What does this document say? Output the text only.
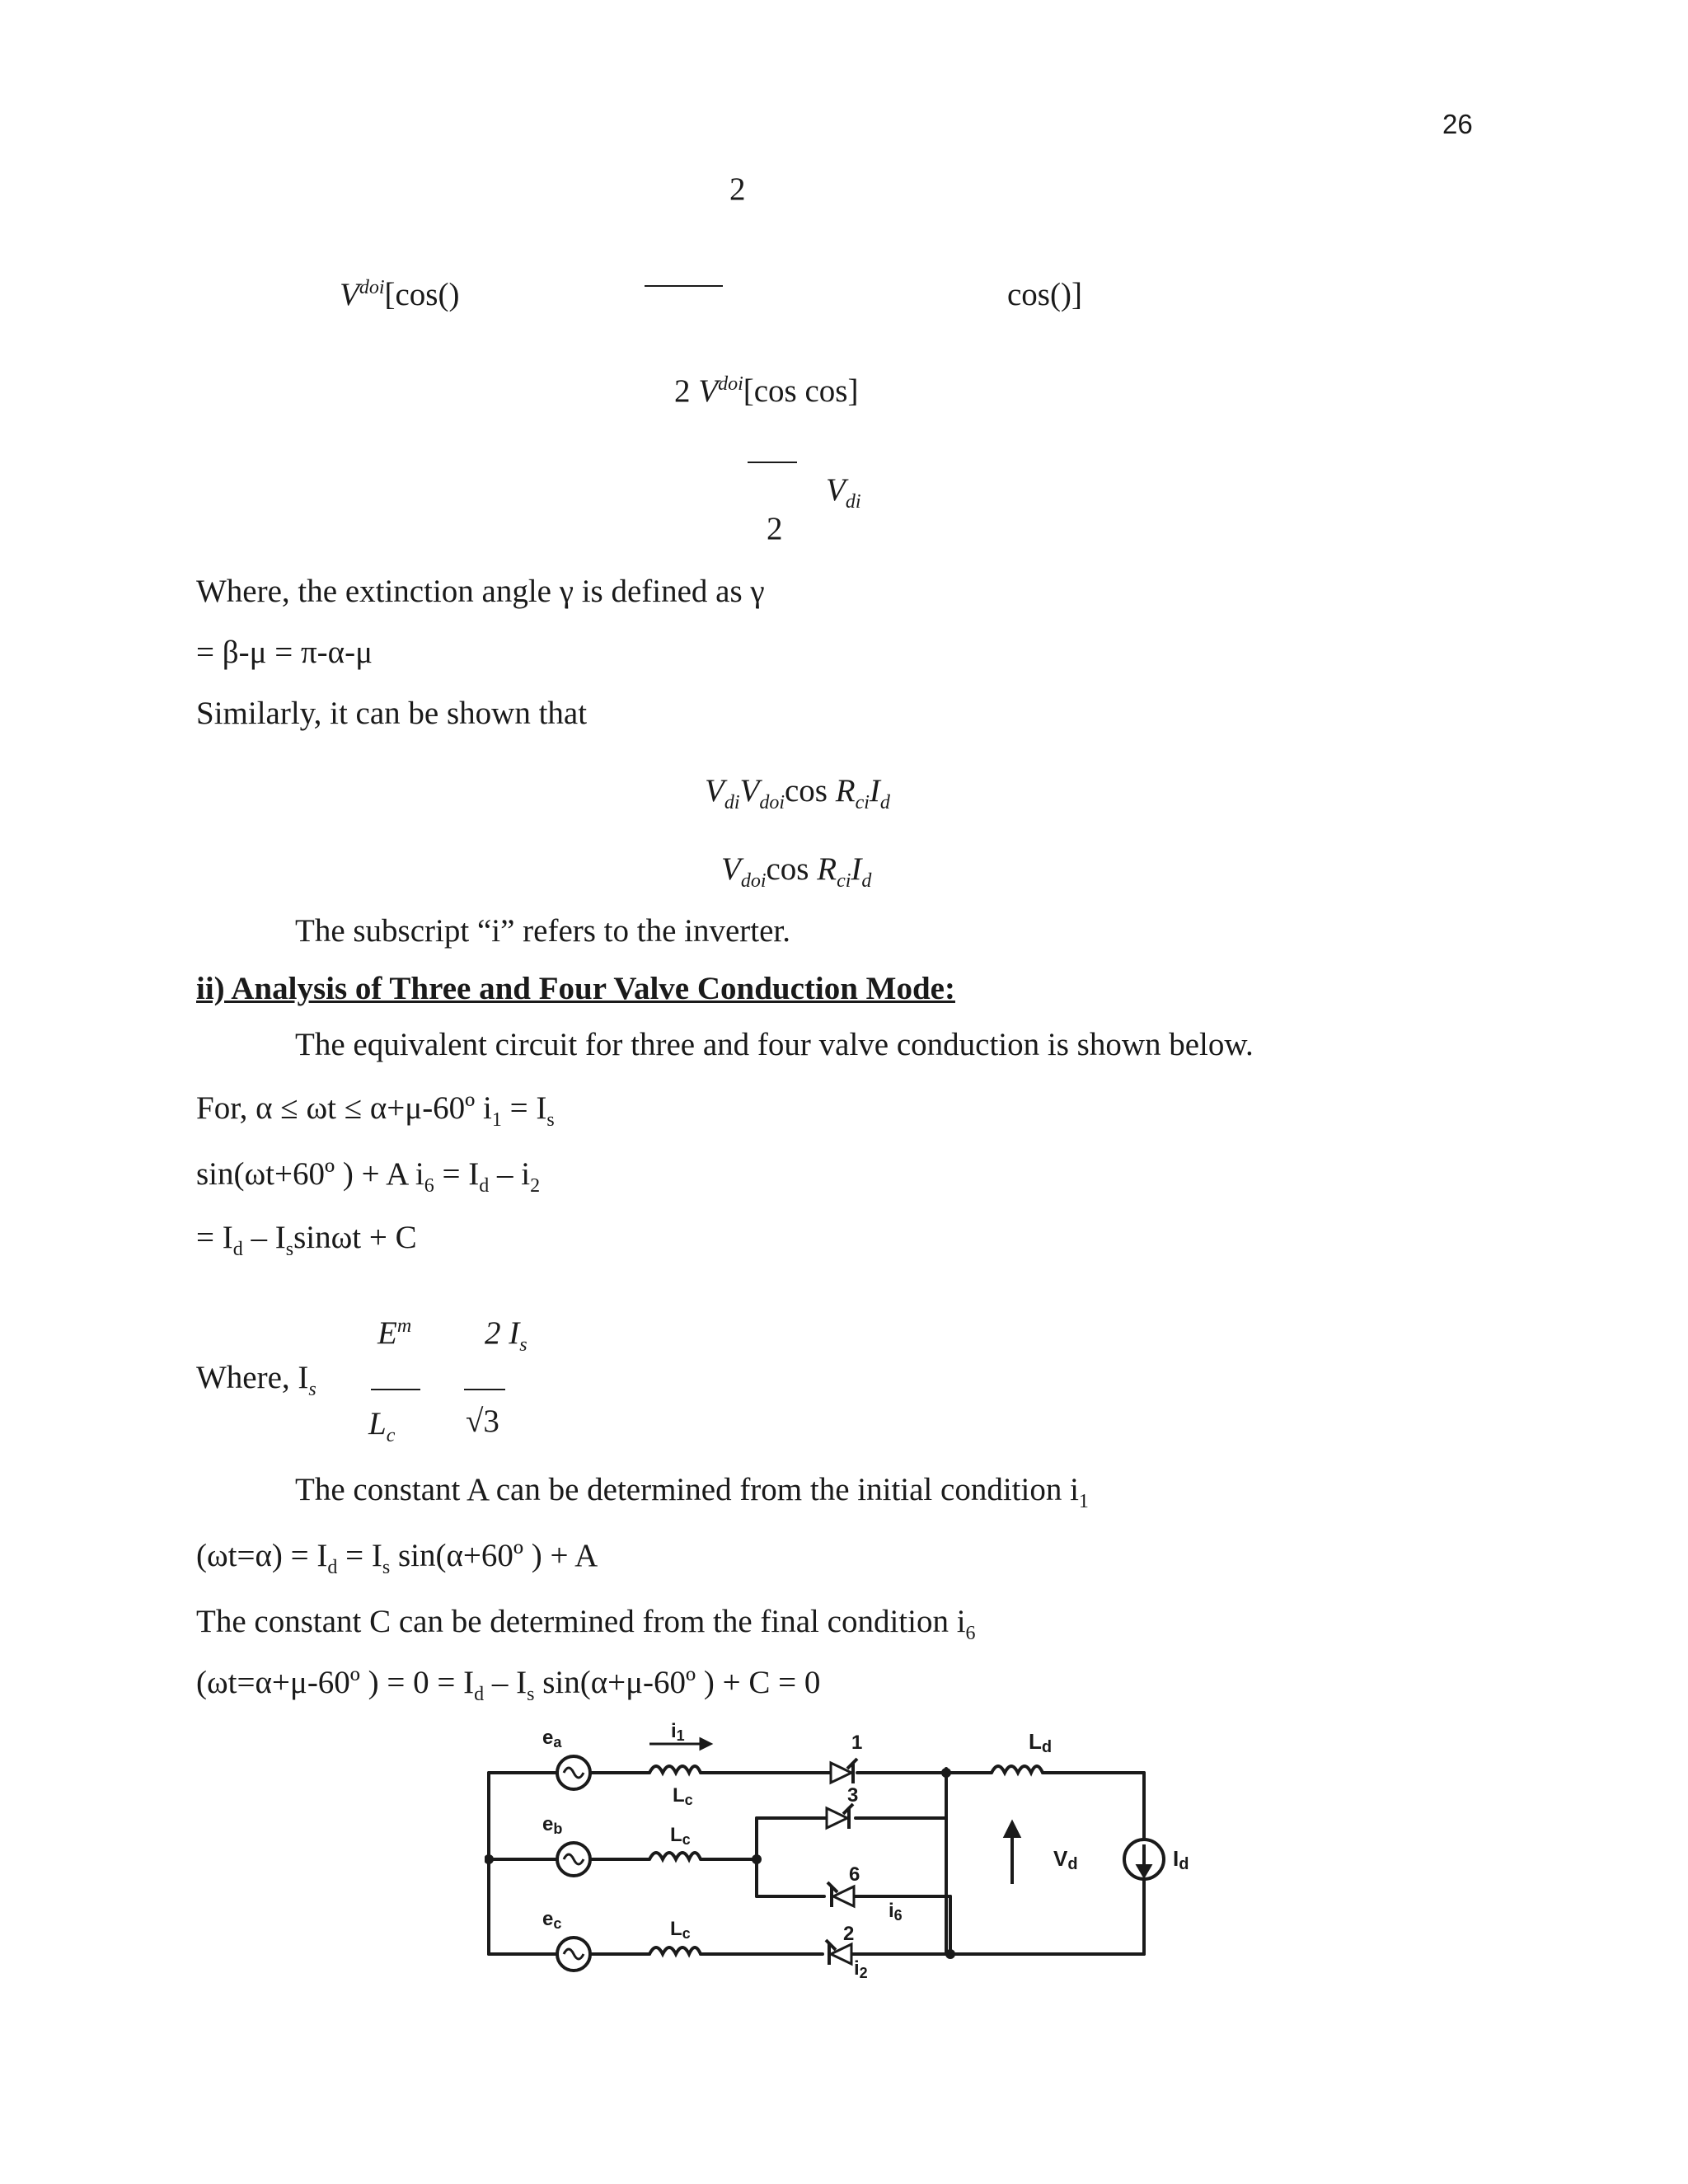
26
2
$V^{doi}[\cos()$	cos()]
2 $V^{doi}[\cos$ cos]
$V_{di}$
2
Where, the extinction angle γ is defined as γ
= β-μ = π-α-μ
Similarly, it can be shown that
$V_{di}V_{doi}\cos$ $R_{ci}I_d$
$V_{doi}\cos$ $R_{ci}I_d$
The subscript “i” refers to the inverter.
ii) Analysis of Three and Four Valve Conduction Mode:
The equivalent circuit for three and four valve conduction is shown below.
For, α ≤ ωt ≤ α+μ-60º $i_1 = I_s$
sin(ωt+60º ) + A $i_6 = I_d - i_2$
= $I_d - I_s\sin\omega t + C$
$E^m$ 2 $I_s$
Where, $I_s$
$L_c$ √3
The constant A can be determined from the initial condition $i_1$
$(\omega t=\alpha) = I_d = I_s$ sin(α+60º ) + A
The constant C can be determined from the final condition $i_6$
(ωt=α+μ-60º ) = $0 = I_d - I_s$ sin(α+μ-60º ) + C = 0
ea
eb
ec
i1
Lc
Lc
Lc
1
3
6
2
i6
i2
Ld
Vd	Id
